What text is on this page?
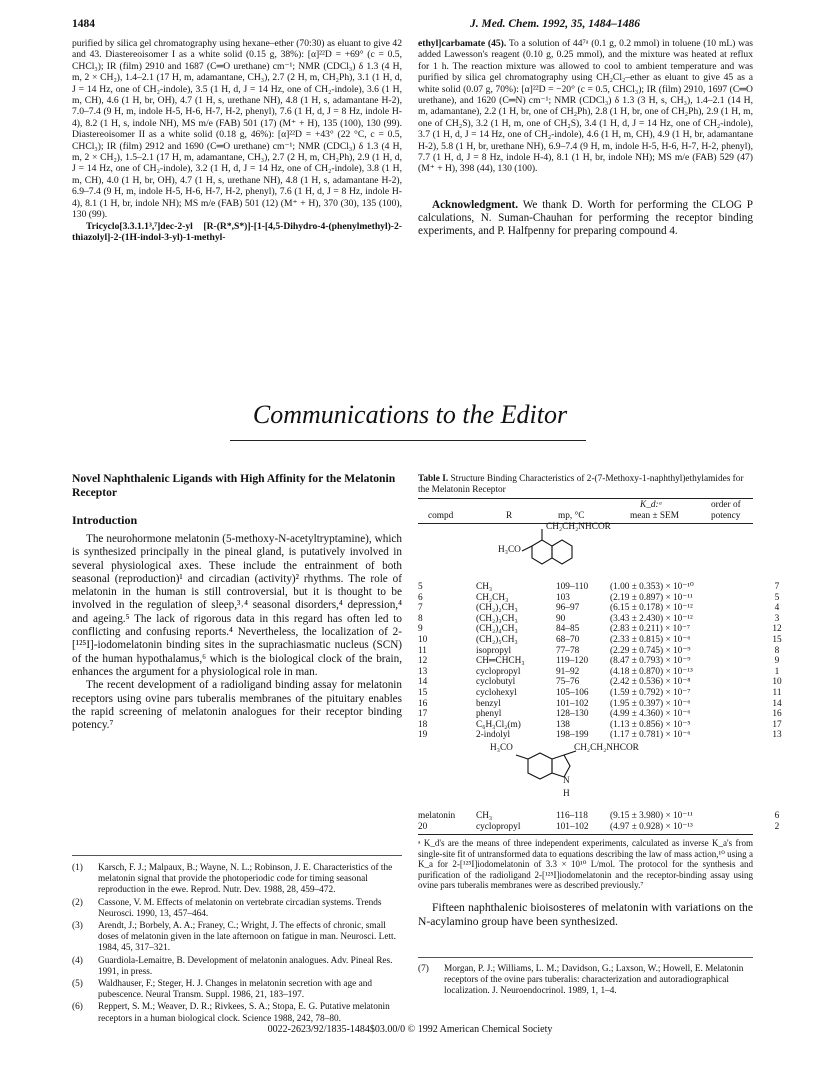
1484	J. Med. Chem. 1992, 35, 1484–1486

purified by silica gel chromatography using hexane–ether (70:30) as eluant to give 42 and 43. Diastereoisomer I as a white solid (0.15 g, 38%): [α]²²D = +69° (c = 0.5, CHCl₃); IR (film) 2910 and 1687 (C═O urethane) cm⁻¹; NMR (CDCl₃) δ 1.3 (4 H, m, 2 × CH₂), 1.4–2.1 (17 H, m, adamantane, CH₃), 2.7 (2 H, m, CH₂Ph), 3.1 (1 H, d, J = 14 Hz, one of CH₂-indole), 3.5 (1 H, d, J = 14 Hz, one of CH₂-indole), 3.6 (1 H, m, CH), 4.6 (1 H, br, OH), 4.7 (1 H, s, urethane NH), 4.8 (1 H, s, adamantane H-2), 7.0–7.4 (9 H, m, indole H-5, H-6, H-7, H-2, phenyl), 7.6 (1 H, d, J = 8 Hz, indole H-4), 8.2 (1 H, s, indole NH), MS m/e (FAB) 501 (17) (M⁺ + H), 135 (100), 130 (99). Diastereoisomer II as a white solid (0.18 g, 46%): [α]²²D = +43° (22 °C, c = 0.5, CHCl₃); IR (film) 2912 and 1690 (C═O urethane) cm⁻¹; NMR (CDCl₃) δ 1.3 (4 H, m, 2 × CH₂), 1.5–2.1 (17 H, m, adamantane, CH₃), 2.7 (2 H, m, CH₂Ph), 2.9 (1 H, d, J = 14 Hz, one of CH₂-indole), 3.2 (1 H, d, J = 14 Hz, one of CH₂-indole), 3.8 (1 H, m, CH), 4.0 (1 H, br, OH), 4.7 (1 H, s, urethane NH), 4.8 (1 H, s, adamantane H-2), 6.9–7.4 (9 H, m, indole H-5, H-6, H-7, H-2, phenyl), 7.6 (1 H, d, J = 8 Hz, indole H-4), 8.1 (1 H, br, indole NH); MS m/e (FAB) 501 (12) (M⁺ + H), 370 (30), 135 (100), 130 (99).

Tricyclo[3.3.1.1³,⁷]dec-2-yl [R-(R*,S*)]-[1-[4,5-Dihydro-4-(phenylmethyl)-2-thiazolyl]-2-(1H-indol-3-yl)-1-methyl-

ethyl]carbamate (45). To a solution of 44⁷ᵃ (0.1 g, 0.2 mmol) in toluene (10 mL) was added Lawesson's reagent (0.10 g, 0.25 mmol), and the mixture was heated at reflux for 1 h. The reaction mixture was allowed to cool to ambient temperature and was purified by silica gel chromatography using CH₂Cl₂–ether as eluant to give 45 as a white solid (0.07 g, 70%): [α]²²D = −20° (c = 0.5, CHCl₃); IR (film) 2910, 1697 (C═O urethane), and 1620 (C═N) cm⁻¹; NMR (CDCl₃) δ 1.3 (3 H, s, CH₃), 1.4–2.1 (14 H, m, adamantane), 2.2 (1 H, br, one of CH₂Ph), 2.8 (1 H, br, one of CH₂Ph), 2.9 (1 H, m, one of CH₂S), 3.2 (1 H, m, one of CH₂S), 3.4 (1 H, d, J = 14 Hz, one of CH₂-indole), 3.7 (1 H, d, J = 14 Hz, one of CH₂-indole), 4.6 (1 H, m, CH), 4.9 (1 H, br, adamantane H-2), 5.8 (1 H, br, urethane NH), 6.9–7.4 (9 H, m, indole H-5, H-6, H-7, H-2, phenyl), 7.7 (1 H, d, J = 8 Hz, indole H-4), 8.1 (1 H, br, indole NH); MS m/e (FAB) 529 (47) (M⁺ + H), 398 (44), 130 (100).

Acknowledgment. We thank D. Worth for performing the CLOG P calculations, N. Suman-Chauhan for performing the receptor binding experiments, and P. Halfpenny for preparing compound 4.

Communications to the Editor
Novel Naphthalenic Ligands with High Affinity for the Melatonin Receptor
Introduction

The neurohormone melatonin (5-methoxy-N-acetyltryptamine), which is synthesized principally in the pineal gland, is putatively involved in several physiological axes. These include the entrainment of both seasonal (reproduction)¹ and circadian (activity)² rhythms. The role of melatonin in the human is still controversial, but it is thought to be involved in the regulation of sleep,³˒⁴ seasonal disorders,⁴ depression,⁴ and ageing.⁵ The lack of rigorous data in this regard has often led to conflicting and confusing reports.⁴ Nevertheless, the localization of 2-[¹²⁵I]-iodomelatonin binding sites in the suprachiasmatic nucleus (SCN) of the human hypothalamus,⁶ which is the biological clock of the brain, enhances the argument for a physiological role in man.

The recent development of a radioligand binding assay for melatonin receptors using ovine pars tuberalis membranes of the pituitary enables the rapid screening of melatonin analogues for their receptor binding potency.⁷

(1)	Karsch, F. J.; Malpaux, B.; Wayne, N. L.; Robinson, J. E. Characteristics of the melatonin signal that provide the photoperiodic code for timing seasonal reproduction in the ewe. Reprod. Nutr. Dev. 1988, 28, 459–472.
(2)	Cassone, V. M. Effects of melatonin on vertebrate circadian systems. Trends Neurosci. 1990, 13, 457–464.
(3)	Arendt, J.; Borbely, A. A.; Franey, C.; Wright, J. The effects of chronic, small doses of melatonin given in the late afternoon on fatigue in man. Neurosci. Lett. 1984, 45, 317–321.
(4)	Guardiola-Lemaitre, B. Development of melatonin analogues. Adv. Pineal Res. 1991, in press.
(5)	Waldhauser, F.; Steger, H. J. Changes in melatonin secretion with age and pubescence. Neural Transm. Suppl. 1986, 21, 183–197.
(6)	Reppert, S. M.; Weaver, D. R.; Rivkees, S. A.; Stopa, E. G. Putative melatonin receptors in a human biological clock. Science 1988, 242, 78–80.
Table I. Structure Binding Characteristics of 2-(7-Methoxy-1-naphthyl)ethylamides for the Melatonin Receptor
compd	R	mp, °C
K_d:ᵃ
mean ± SEM
order of
potency
CH₂CH₂NHCOR
H₃CO
5	CH₃	109–110	(1.00 ± 0.353) × 10⁻¹⁰	7
6	CH₂CH₃	103	(2.19 ± 0.897) × 10⁻¹¹	5
7	(CH₂)₂CH₃	96–97	(6.15 ± 0.178) × 10⁻¹²	4
8	(CH₂)₃CH₃	90	(3.43 ± 2.430) × 10⁻¹²	3
9	(CH₂)₄CH₃	84–85	(2.83 ± 0.211) × 10⁻⁷	12
10	(CH₂)₅CH₃	68–70	(2.33 ± 0.815) × 10⁻⁶	15
11	isopropyl	77–78	(2.29 ± 0.745) × 10⁻⁹	8
12	CH═CHCH₃	119–120	(8.47 ± 0.793) × 10⁻⁹	9
13	cyclopropyl	91–92	(4.18 ± 0.870) × 10⁻¹³	1
14	cyclobutyl	75–76	(2.42 ± 0.536) × 10⁻⁸	10
15	cyclohexyl	105–106	(1.59 ± 0.792) × 10⁻⁷	11
16	benzyl	101–102	(1.95 ± 0.397) × 10⁻⁶	14
17	phenyl	128–130	(4.99 ± 4.360) × 10⁻⁶	16
18	C₆H₃Cl₂(m)	138	(1.13 ± 0.856) × 10⁻⁵	17
19	2-indolyl	198–199	(1.17 ± 0.781) × 10⁻⁶	13
H₃CO	CH₂CH₂NHCOR
N
H
melatonin	CH₃	116–118	(9.15 ± 3.980) × 10⁻¹¹	6
20	cyclopropyl	101–102	(4.97 ± 0.928) × 10⁻¹³	2
ᵃ K_d's are the means of three independent experiments, calculated as inverse K_a's from single-site fit of untransformed data to equations describing the law of mass action,¹⁰ using a K_a for 2-[¹²⁵I]iodomelatonin of 3.3 × 10¹⁰ L/mol. The protocol for the synthesis and purification of the radioligand 2-[¹²⁵I]iodomelatonin and the receptor-binding assay using ovine pars tuberalis membranes were as described previously.⁷

Fifteen naphthalenic bioisosteres of melatonin with variations on the N-acylamino group have been synthesized.

(7)	Morgan, P. J.; Williams, L. M.; Davidson, G.; Laxson, W.; Howell, E. Melatonin receptors of the ovine pars tuberalis: characterization and autoradiographical localization. J. Neuroendocrinol. 1989, 1, 1–4.
0022-2623/92/1835-1484$03.00/0 © 1992 American Chemical Society
